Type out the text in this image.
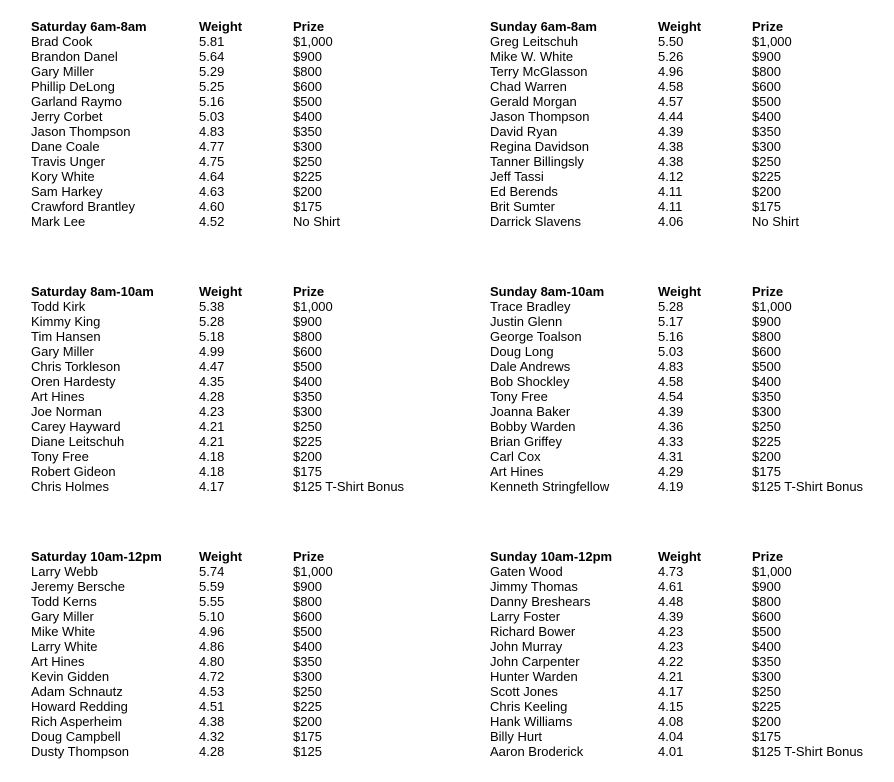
Saturday 6am-8am	Weight	Prize
Brad Cook	5.81	$1,000
Brandon Danel	5.64	$900
Gary Miller	5.29	$800
Phillip DeLong	5.25	$600
Garland Raymo	5.16	$500
Jerry Corbet	5.03	$400
Jason Thompson	4.83	$350
Dane Coale	4.77	$300
Travis Unger	4.75	$250
Kory White	4.64	$225
Sam Harkey	4.63	$200
Crawford Brantley	4.60	$175
Mark Lee	4.52	No Shirt
Saturday 8am-10am	Weight	Prize
Todd Kirk	5.38	$1,000
Kimmy King	5.28	$900
Tim Hansen	5.18	$800
Gary Miller	4.99	$600
Chris Torkleson	4.47	$500
Oren Hardesty	4.35	$400
Art Hines	4.28	$350
Joe Norman	4.23	$300
Carey Hayward	4.21	$250
Diane Leitschuh	4.21	$225
Tony Free	4.18	$200
Robert Gideon	4.18	$175
Chris Holmes	4.17	$125 T-Shirt Bonus
Saturday 10am-12pm	Weight	Prize
Larry Webb	5.74	$1,000
Jeremy Bersche	5.59	$900
Todd Kerns	5.55	$800
Gary Miller	5.10	$600
Mike White	4.96	$500
Larry White	4.86	$400
Art Hines	4.80	$350
Kevin Gidden	4.72	$300
Adam Schnautz	4.53	$250
Howard Redding	4.51	$225
Rich Asperheim	4.38	$200
Doug Campbell	4.32	$175
Dusty Thompson	4.28	$125
Sunday 6am-8am	Weight	Prize
Greg Leitschuh	5.50	$1,000
Mike W. White	5.26	$900
Terry McGlasson	4.96	$800
Chad Warren	4.58	$600
Gerald Morgan	4.57	$500
Jason Thompson	4.44	$400
David Ryan	4.39	$350
Regina Davidson	4.38	$300
Tanner Billingsly	4.38	$250
Jeff Tassi	4.12	$225
Ed Berends	4.11	$200
Brit Sumter	4.11	$175
Darrick Slavens	4.06	No Shirt
Sunday 8am-10am	Weight	Prize
Trace Bradley	5.28	$1,000
Justin Glenn	5.17	$900
George Toalson	5.16	$800
Doug Long	5.03	$600
Dale Andrews	4.83	$500
Bob Shockley	4.58	$400
Tony Free	4.54	$350
Joanna Baker	4.39	$300
Bobby Warden	4.36	$250
Brian Griffey	4.33	$225
Carl Cox	4.31	$200
Art Hines	4.29	$175
Kenneth Stringfellow	4.19	$125 T-Shirt Bonus
Sunday 10am-12pm	Weight	Prize
Gaten Wood	4.73	$1,000
Jimmy Thomas	4.61	$900
Danny Breshears	4.48	$800
Larry Foster	4.39	$600
Richard Bower	4.23	$500
John Murray	4.23	$400
John Carpenter	4.22	$350
Hunter Warden	4.21	$300
Scott Jones	4.17	$250
Chris Keeling	4.15	$225
Hank Williams	4.08	$200
Billy Hurt	4.04	$175
Aaron Broderick	4.01	$125 T-Shirt Bonus
